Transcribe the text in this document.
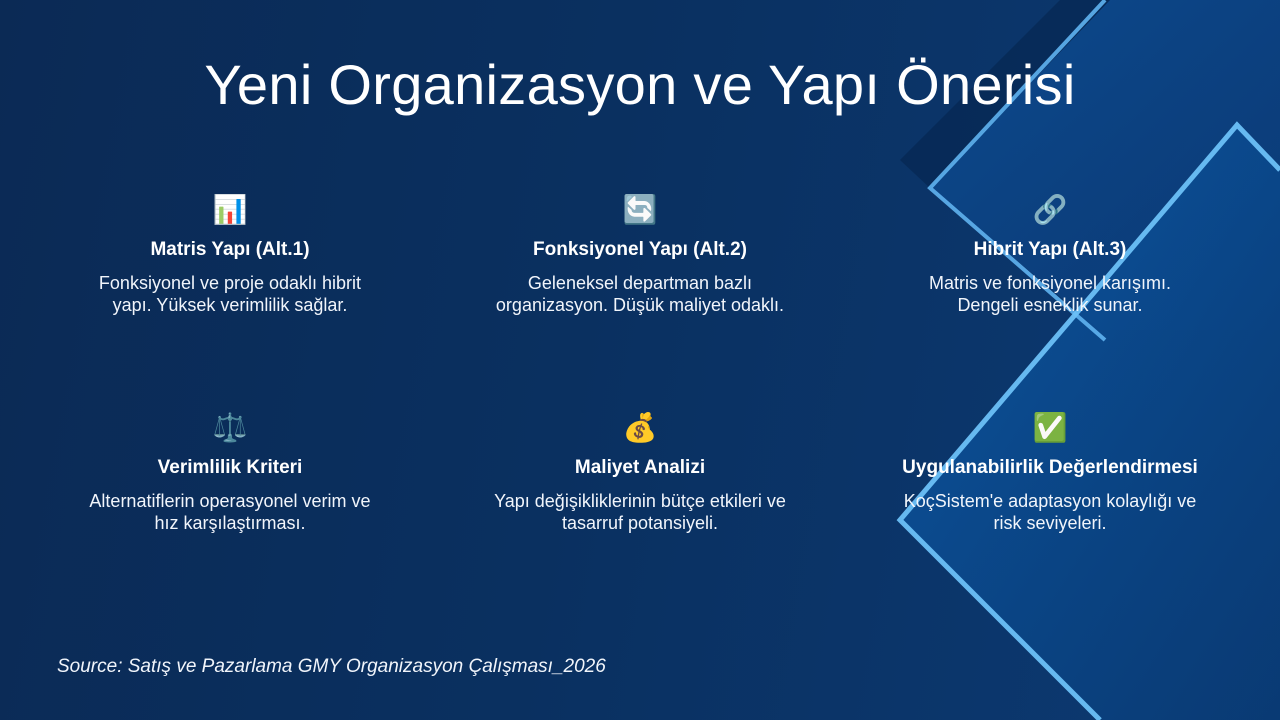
Yeni Organizasyon ve Yapı Önerisi
📊
Matris Yapı (Alt.1)
Fonksiyonel ve proje odaklı hibrit yapı. Yüksek verimlilik sağlar.
🔄
Fonksiyonel Yapı (Alt.2)
Geleneksel departman bazlı organizasyon. Düşük maliyet odaklı.
🔗
Hibrit Yapı (Alt.3)
Matris ve fonksiyonel karışımı. Dengeli esneklik sunar.
⚖️
Verimlilik Kriteri
Alternatiflerin operasyonel verim ve hız karşılaştırması.
💰
Maliyet Analizi
Yapı değişikliklerinin bütçe etkileri ve tasarruf potansiyeli.
✅
Uygulanabilirlik Değerlendirmesi
KoçSistem'e adaptasyon kolaylığı ve risk seviyeleri.
Source: Satış ve Pazarlama GMY Organizasyon Çalışması_2026
